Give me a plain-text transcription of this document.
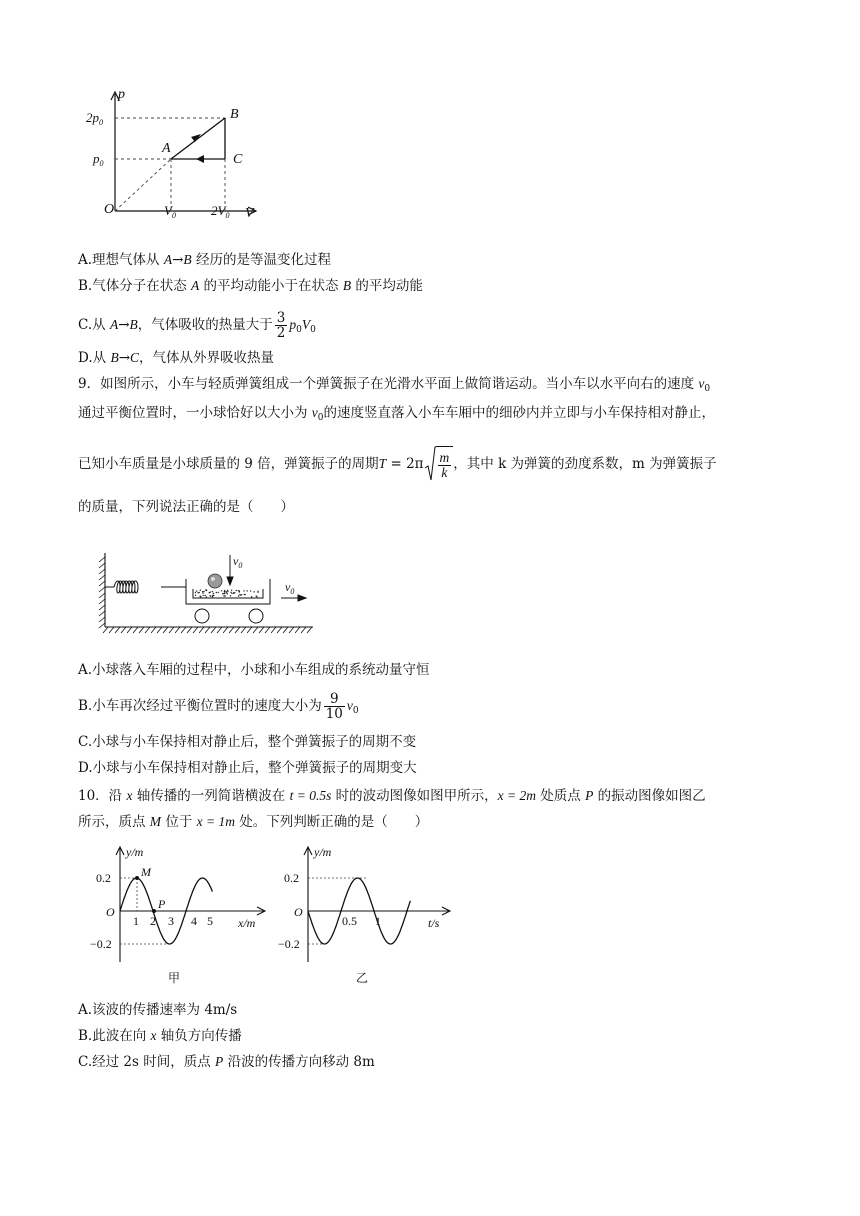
p
V
O
A
B
C
$2p_0$
$p_0$
$V_0$	$2V_0$
A.理想气体从 A→B 经历的是等温变化过程
B.气体分子在状态 A 的平均动能小于在状态 B 的平均动能
C.从 A→B，气体吸收的热量大于 $\frac{3}{2} p_0V_0$
D.从 B→C，气体从外界吸收热量
9．如图所示，小车与轻质弹簧组成一个弹簧振子在光滑水平面上做简谐运动。当小车以水平向右的速度 $v_0$
通过平衡位置时，一小球恰好以大小为 $v_0$的速度竖直落入小车车厢中的细砂内并立即与小车保持相对静止，
已知小车质量是小球质量的 9 倍，弹簧振子的周期$T = 2\pi \frac{m}{k}$ ，其中 k 为弹簧的劲度系数，m 为弹簧振子
的质量，下列说法正确的是（　　）
$v_0$
$v_0$
A.小球落入车厢的过程中，小球和小车组成的系统动量守恒
B.小车再次经过平衡位置时的速度大小为 $\frac{9}{10} v_0$
C.小球与小车保持相对静止后，整个弹簧振子的周期不变
D.小球与小车保持相对静止后，整个弹簧振子的周期变大
10．沿 x 轴传播的一列简谐横波在 t = 0.5s 时的波动图像如图甲所示，x = 2m 处质点 P 的振动图像如图乙
所示，质点 M 位于 x = 1m 处。下列判断正确的是（　　）
y/m
x/m
O
0.2
−0.2
1 2 3 4 5
M
P
甲
y/m
t/s
O
0.2
−0.2
0.5 1
乙
A.该波的传播速率为 4m/s
B.此波在向 x 轴负方向传播
C.经过 2s 时间，质点 P 沿波的传播方向移动 8m
